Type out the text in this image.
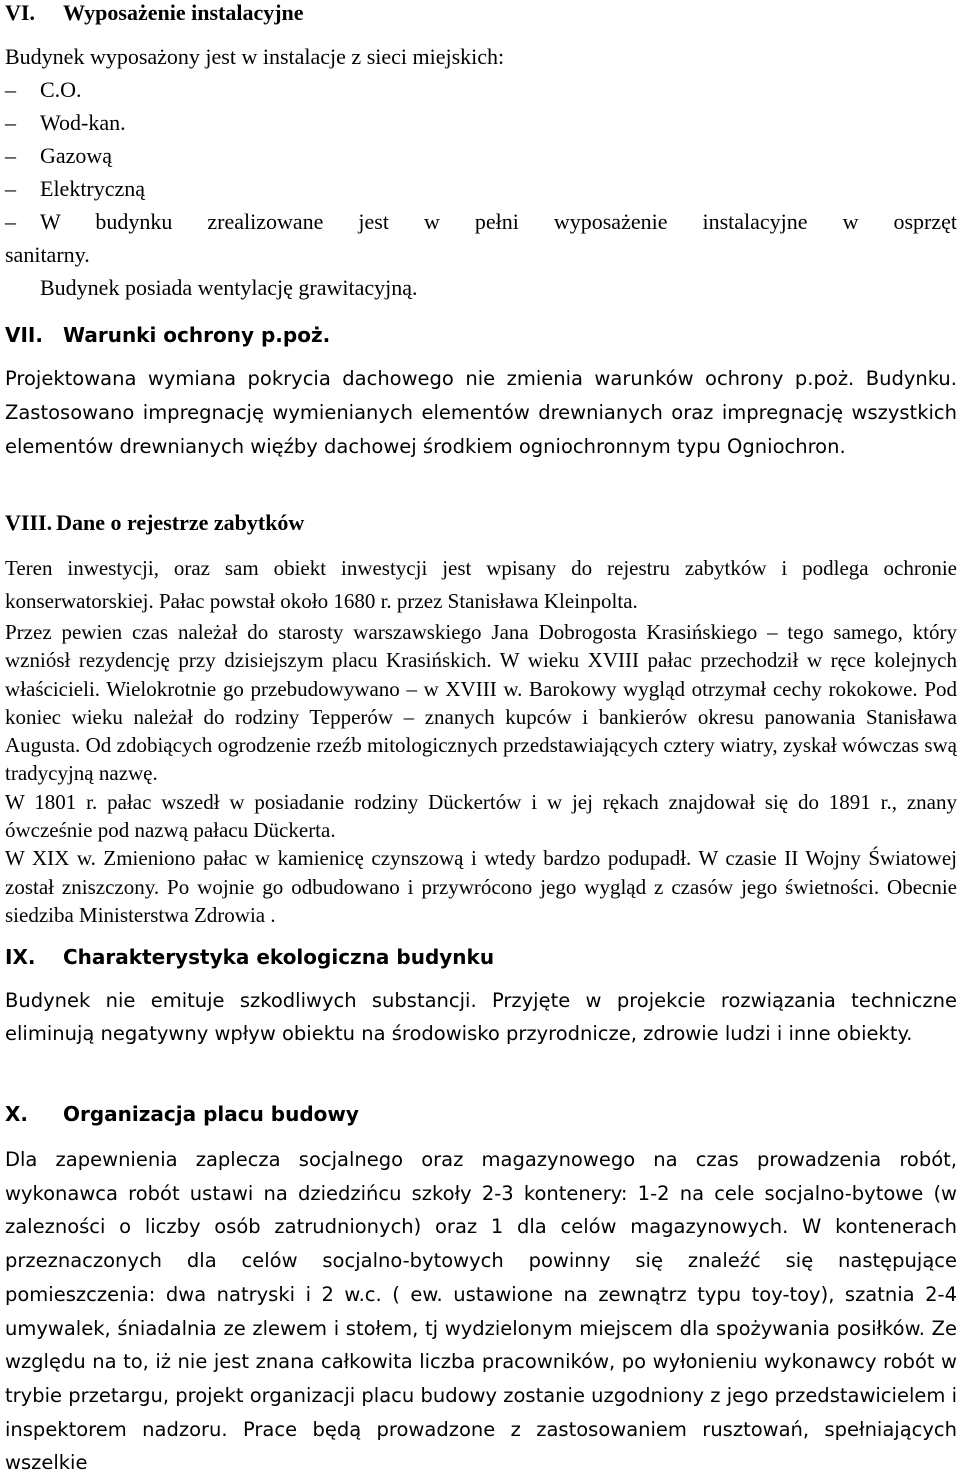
VI. Wyposażenie instalacyjne
Budynek wyposażony jest w instalacje z sieci miejskich:
–	C.O.
–	Wod-kan.
–	Gazową
–	Elektryczną
–	W budynku zrealizowane jest w pełni wyposażenie instalacyjne w osprzęt
sanitarny.
Budynek posiada wentylację grawitacyjną.
VII. Warunki ochrony p.poż.

Projektowana wymiana pokrycia dachowego nie zmienia warunków ochrony p.poż. Budynku. Zastosowano impregnację wymienianych elementów drewnianych oraz impregnację wszystkich elementów drewnianych więźby dachowej środkiem ogniochronnym typu Ogniochron.

VIII. Dane o rejestrze zabytków
Teren inwestycji, oraz sam obiekt inwestycji jest wpisany do rejestru zabytków i podlega ochronie konserwatorskiej. Pałac powstał około 1680 r. przez Stanisława Kleinpolta.
Przez pewien czas należał do starosty warszawskiego Jana Dobrogosta Krasińskiego – tego samego, który wzniósł rezydencję przy dzisiejszym placu Krasińskich. W wieku XVIII pałac przechodził w ręce kolejnych właścicieli. Wielokrotnie go przebudowywano – w XVIII w. Barokowy wygląd otrzymał cechy rokokowe. Pod koniec wieku należał do rodziny Tepperów – znanych kupców i bankierów okresu panowania Stanisława Augusta. Od zdobiących ogrodzenie rzeźb mitologicznych przedstawiających cztery wiatry, zyskał wówczas swą tradycyjną nazwę.
W 1801 r. pałac wszedł w posiadanie rodziny Dückertów i w jej rękach znajdował się do 1891 r., znany ówcześnie pod nazwą pałacu Dückerta.
W XIX w. Zmieniono pałac w kamienicę czynszową i wtedy bardzo podupadł. W czasie II Wojny Światowej został zniszczony. Po wojnie go odbudowano i przywrócono jego wygląd z czasów jego świetności. Obecnie siedziba Ministerstwa Zdrowia .
IX. Charakterystyka ekologiczna budynku

Budynek nie emituje szkodliwych substancji. Przyjęte w projekcie rozwiązania techniczne eliminują negatywny wpływ obiektu na środowisko przyrodnicze, zdrowie ludzi i inne obiekty.

X. Organizacja placu budowy

Dla zapewnienia zaplecza socjalnego oraz magazynowego na czas prowadzenia robót, wykonawca robót ustawi na dziedzińcu szkoły 2-3 kontenery: 1-2 na cele socjalno-bytowe (w zalezności o liczby osób zatrudnionych) oraz 1 dla celów magazynowych. W kontenerach przeznaczonych dla celów socjalno-bytowych powinny się znaleźć się następujące pomieszczenia: dwa natryski i 2 w.c. ( ew. ustawione na zewnątrz typu toy-toy), szatnia 2-4 umywalek, śniadalnia ze zlewem i stołem, tj wydzielonym miejscem dla spożywania posiłków. Ze względu na to, iż nie jest znana całkowita liczba pracowników, po wyłonieniu wykonawcy robót w trybie przetargu, projekt organizacji placu budowy zostanie uzgodniony z jego przedstawicielem i inspektorem nadzoru. Prace będą prowadzone z zastosowaniem rusztowań, spełniających wszelkie
